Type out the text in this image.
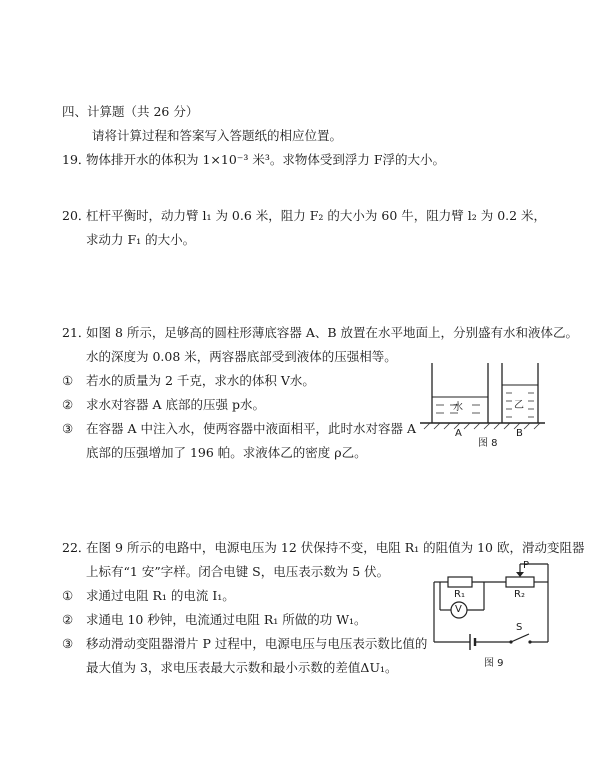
四、计算题（共 26 分）
请将计算过程和答案写入答题纸的相应位置。
19．物体排开水的体积为 1×10⁻³ 米³。求物体受到浮力 F浮的大小。
20．杠杆平衡时，动力臂 l₁ 为 0.6 米，阻力 F₂ 的大小为 60 牛，阻力臂 l₂ 为 0.2 米，
求动力 F₁ 的大小。
21．如图 8 所示，足够高的圆柱形薄底容器 A、B 放置在水平地面上，分别盛有水和液体乙。
水的深度为 0.08 米，两容器底部受到液体的压强相等。
① 若水的质量为 2 千克，求水的体积 V水。
② 求水对容器 A 底部的压强 p水。
③ 在容器 A 中注入水，使两容器中液面相平，此时水对容器 A
底部的压强增加了 196 帕。求液体乙的密度 ρ乙。
水	乙
A	B
图 8
22．在图 9 所示的电路中，电源电压为 12 伏保持不变，电阻 R₁ 的阻值为 10 欧，滑动变阻器
上标有“1 安”字样。闭合电键 S，电压表示数为 5 伏。
① 求通过电阻 R₁ 的电流 I₁。
② 求通电 10 秒钟，电流通过电阻 R₁ 所做的功 W₁。
③ 移动滑动变阻器滑片 P 过程中，电源电压与电压表示数比值的
最大值为 3，求电压表最大示数和最小示数的差值ΔU₁。
P
R₁	R₂
V
S
图 9
